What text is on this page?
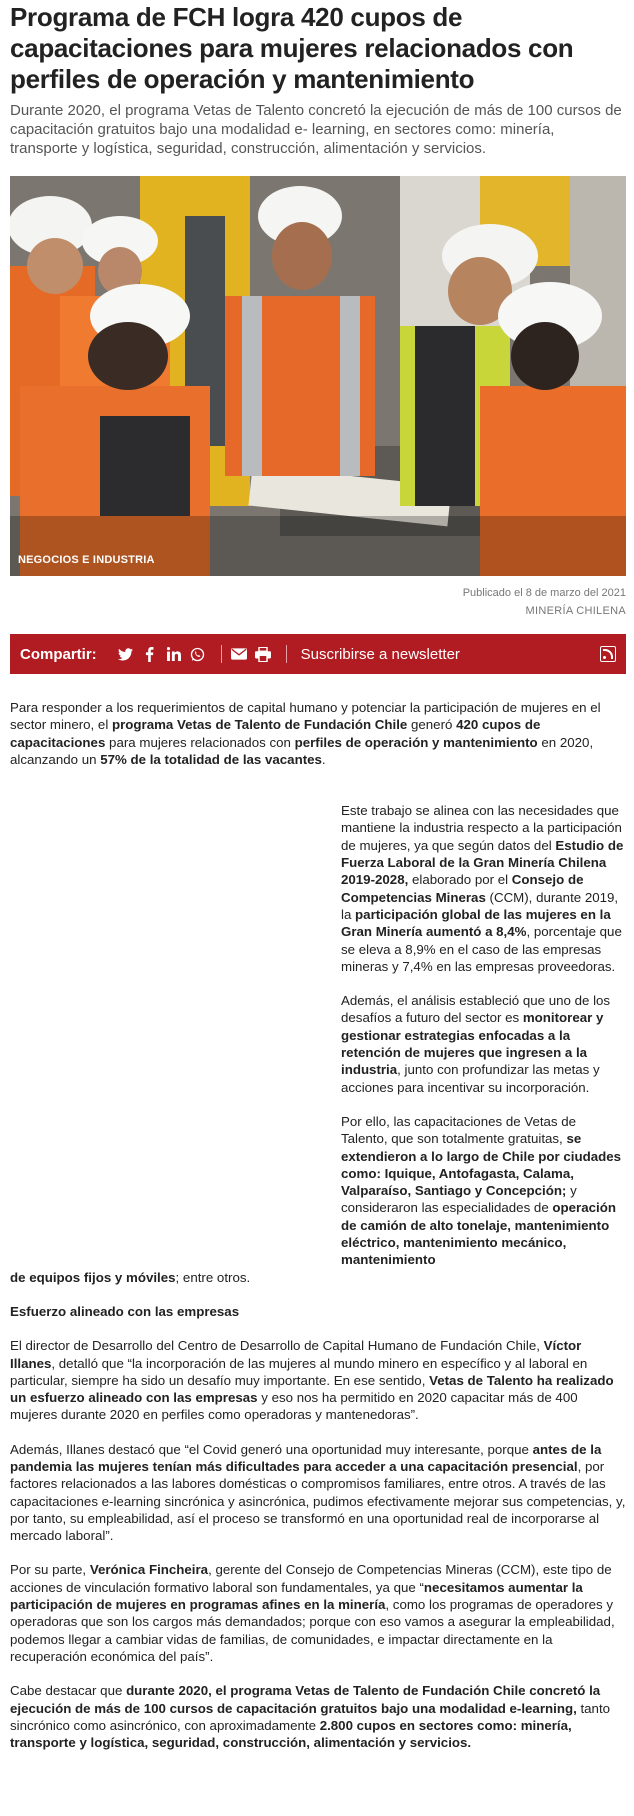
Programa de FCH logra 420 cupos de capacitaciones para mujeres relacionados con perfiles de operación y mantenimiento

Durante 2020, el programa Vetas de Talento concretó la ejecución de más de 100 cursos de capacitación gratuitos bajo una modalidad e- learning, en sectores como: minería, transporte y logística, seguridad, construcción, alimentación y servicios.

NEGOCIOS E INDUSTRIA
Publicado el 8 de marzo del 2021
MINERÍA CHILENA
Compartir:	Suscribirse a newsletter

Para responder a los requerimientos de capital humano y potenciar la participación de mujeres en el sector minero, el programa Vetas de Talento de Fundación Chile generó 420 cupos de capacitaciones para mujeres relacionados con perfiles de operación y mantenimiento en 2020, alcanzando un 57% de la totalidad de las vacantes.

Este trabajo se alinea con las necesidades que mantiene la industria respecto a la participación de mujeres, ya que según datos del Estudio de Fuerza Laboral de la Gran Minería Chilena 2019-2028, elaborado por el Consejo de Competencias Mineras (CCM), durante 2019, la participación global de las mujeres en la Gran Minería aumentó a 8,4%, porcentaje que se eleva a 8,9% en el caso de las empresas mineras y 7,4% en las empresas proveedoras.

Además, el análisis estableció que uno de los desafíos a futuro del sector es monitorear y gestionar estrategias enfocadas a la retención de mujeres que ingresen a la industria, junto con profundizar las metas y acciones para incentivar su incorporación.

Por ello, las capacitaciones de Vetas de Talento, que son totalmente gratuitas, se extendieron a lo largo de Chile por ciudades como: Iquique, Antofagasta, Calama, Valparaíso, Santiago y Concepción; y consideraron las especialidades de operación de camión de alto tonelaje, mantenimiento eléctrico, mantenimiento mecánico, mantenimiento

de equipos fijos y móviles; entre otros.

Esfuerzo alineado con las empresas

El director de Desarrollo del Centro de Desarrollo de Capital Humano de Fundación Chile, Víctor Illanes, detalló que “la incorporación de las mujeres al mundo minero en específico y al laboral en particular, siempre ha sido un desafío muy importante. En ese sentido, Vetas de Talento ha realizado un esfuerzo alineado con las empresas y eso nos ha permitido en 2020 capacitar más de 400 mujeres durante 2020 en perfiles como operadoras y mantenedoras”.

Además, Illanes destacó que “el Covid generó una oportunidad muy interesante, porque antes de la pandemia las mujeres tenían más dificultades para acceder a una capacitación presencial, por factores relacionados a las labores domésticas o compromisos familiares, entre otros. A través de las capacitaciones e-learning sincrónica y asincrónica, pudimos efectivamente mejorar sus competencias, y, por tanto, su empleabilidad, así el proceso se transformó en una oportunidad real de incorporarse al mercado laboral”.

Por su parte, Verónica Fincheira, gerente del Consejo de Competencias Mineras (CCM), este tipo de acciones de vinculación formativo laboral son fundamentales, ya que “necesitamos aumentar la participación de mujeres en programas afines en la minería, como los programas de operadores y operadoras que son los cargos más demandados; porque con eso vamos a asegurar la empleabilidad, podemos llegar a cambiar vidas de familias, de comunidades, e impactar directamente en la recuperación económica del país”.

Cabe destacar que durante 2020, el programa Vetas de Talento de Fundación Chile concretó la ejecución de más de 100 cursos de capacitación gratuitos bajo una modalidad e-learning, tanto sincrónico como asincrónico, con aproximadamente 2.800 cupos en sectores como: minería, transporte y logística, seguridad, construcción, alimentación y servicios.
